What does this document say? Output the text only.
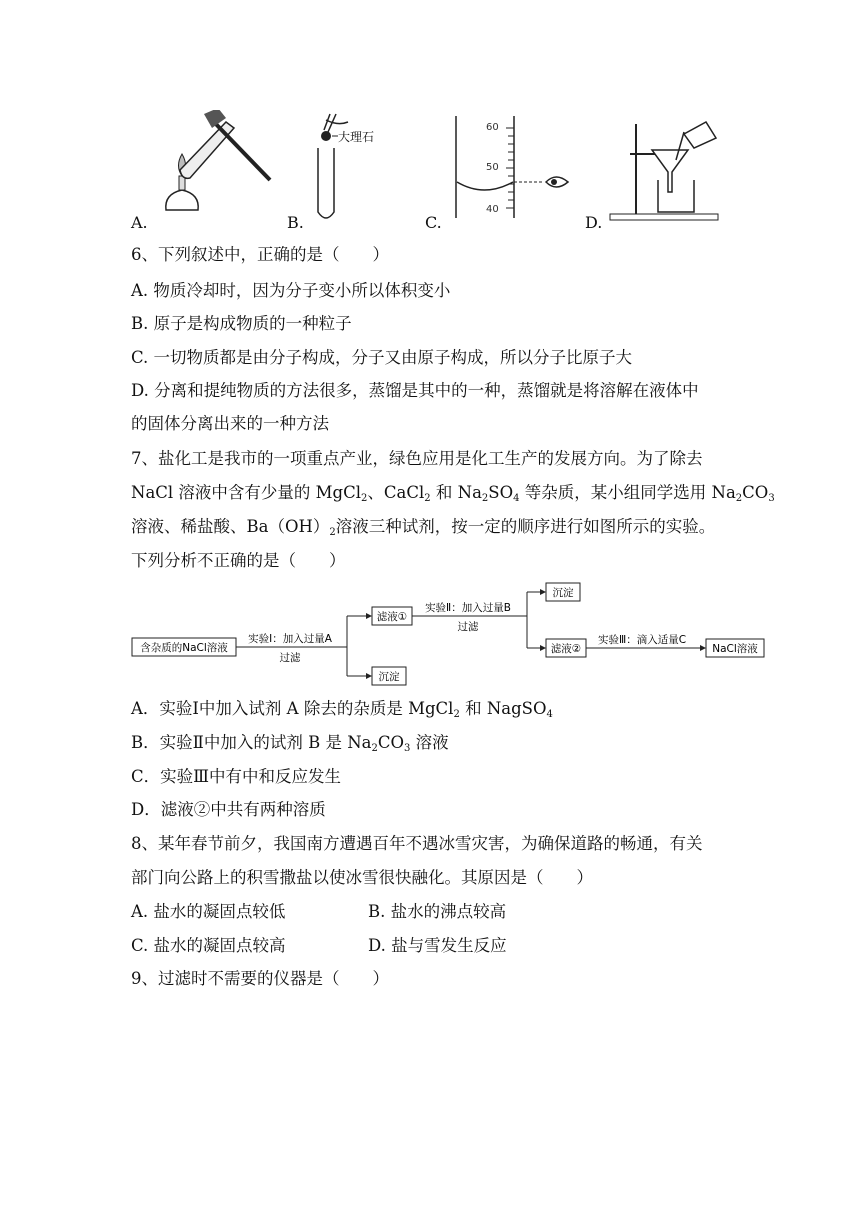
A.
大理石
B.
60
50
40
C.	D.
6、下列叙述中，正确的是（　　）
A. 物质冷却时，因为分子变小所以体积变小
B. 原子是构成物质的一种粒子
C. 一切物质都是由分子构成，分子又由原子构成，所以分子比原子大
D. 分离和提纯物质的方法很多，蒸馏是其中的一种，蒸馏就是将溶解在液体中
的固体分离出来的一种方法
7、盐化工是我市的一项重点产业，绿色应用是化工生产的发展方向。为了除去
NaCl 溶液中含有少量的 MgCl$_2$、CaCl$_2$ 和 $Na_2SO_4$ 等杂质，某小组同学选用 $Na_2CO_3$
溶液、稀盐酸、$Ba(OH)_2$溶液三种试剂，按一定的顺序进行如图所示的实验。
下列分析不正确的是（　　）
含杂质的NaCl溶液
实验Ⅰ：加入过量A
过滤
滤液①
沉淀
实验Ⅱ：加入过量B
过滤
沉淀
滤液②
实验Ⅲ：滴入适量C
NaCl溶液
A．实验Ⅰ中加入试剂 A 除去的杂质是 MgCl$_2$ 和 NagSO$_4$
B．实验Ⅱ中加入的试剂 B 是 $Na_2CO_3$ 溶液
C．实验Ⅲ中有中和反应发生
D．滤液②中共有两种溶质
8、某年春节前夕，我国南方遭遇百年不遇冰雪灾害，为确保道路的畅通，有关
部门向公路上的积雪撒盐以使冰雪很快融化。其原因是（　　）
A. 盐水的凝固点较低	B. 盐水的沸点较高
C. 盐水的凝固点较高	D. 盐与雪发生反应
9、过滤时不需要的仪器是（　　）
